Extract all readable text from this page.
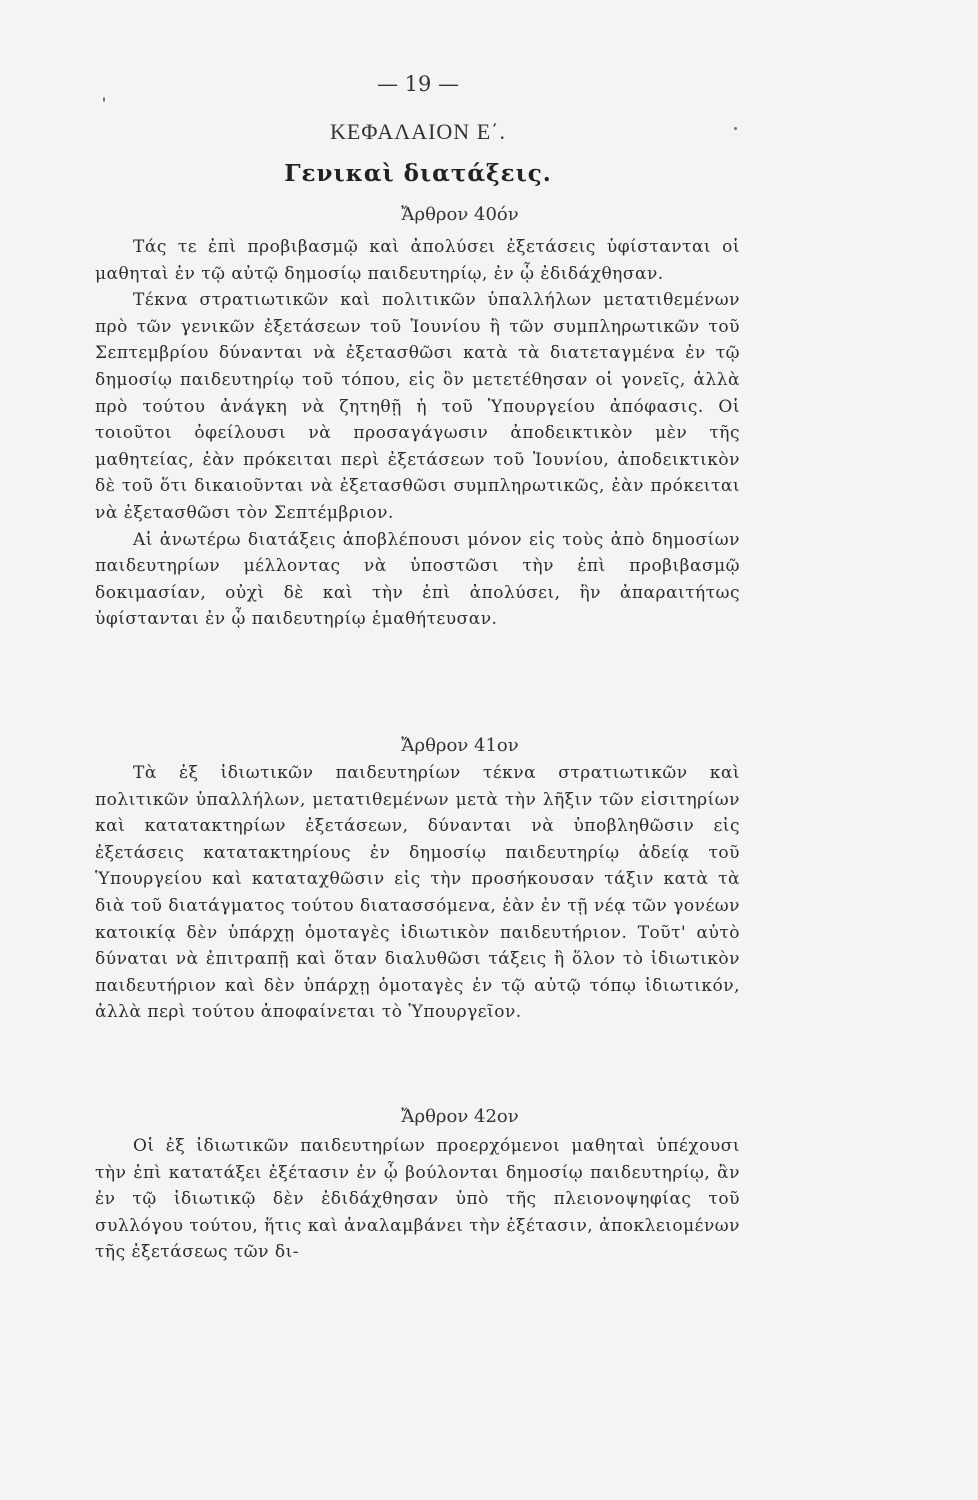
— 19 —
ΚΕΦΑΛΑΙΟΝ Ε΄.
Γενικαὶ διατάξεις.
Ἄρθρον 40όν

Τάς τε ἐπὶ προβιβασμῷ καὶ ἀπολύσει ἐξετάσεις ὑφίστανται οἱ μαθηταὶ ἐν τῷ αὐτῷ δημοσίῳ παιδευτηρίῳ, ἐν ᾧ ἐδιδάχθησαν.

Τέκνα στρατιωτικῶν καὶ πολιτικῶν ὑπαλλήλων μετατιθεμένων πρὸ τῶν γενικῶν ἐξετάσεων τοῦ Ἰουνίου ἢ τῶν συμπληρωτικῶν τοῦ Σεπτεμβρίου δύνανται νὰ ἐξετασθῶσι κατὰ τὰ διατεταγμένα ἐν τῷ δημοσίῳ παιδευτηρίῳ τοῦ τόπου, εἰς ὃν μετετέθησαν οἱ γονεῖς, ἀλλὰ πρὸ τούτου ἀνάγκη νὰ ζητηθῇ ἡ τοῦ Ὑπουργείου ἀπόφασις. Οἱ τοιοῦτοι ὀφείλουσι νὰ προσαγάγωσιν ἀποδεικτικὸν μὲν τῆς μαθητείας, ἐὰν πρόκειται περὶ ἐξετάσεων τοῦ Ἰουνίου, ἀποδεικτικὸν δὲ τοῦ ὅτι δικαιοῦνται νὰ ἐξετασθῶσι συμπληρωτικῶς, ἐὰν πρόκειται νὰ ἐξετασθῶσι τὸν Σεπτέμβριον.

Αἱ ἀνωτέρω διατάξεις ἀποβλέπουσι μόνον εἰς τοὺς ἀπὸ δημοσίων παιδευτηρίων μέλλοντας νὰ ὑποστῶσι τὴν ἐπὶ προβιβασμῷ δοκιμασίαν, οὐχὶ δὲ καὶ τὴν ἐπὶ ἀπολύσει, ἣν ἀπαραιτήτως ὑφίστανται ἐν ᾧ παιδευτηρίῳ ἐμαθήτευσαν.

Ἄρθρον 41ον

Τὰ ἐξ ἰδιωτικῶν παιδευτηρίων τέκνα στρατιωτικῶν καὶ πολιτικῶν ὑπαλλήλων, μετατιθεμένων μετὰ τὴν λῆξιν τῶν εἰσιτηρίων καὶ κατατακτηρίων ἐξετάσεων, δύνανται νὰ ὑποβληθῶσιν εἰς ἐξετάσεις κατατακτηρίους ἐν δημοσίῳ παιδευτηρίῳ ἀδείᾳ τοῦ Ὑπουργείου καὶ καταταχθῶσιν εἰς τὴν προσήκουσαν τάξιν κατὰ τὰ διὰ τοῦ διατάγματος τούτου διατασσόμενα, ἐὰν ἐν τῇ νέᾳ τῶν γονέων κατοικίᾳ δὲν ὑπάρχῃ ὁμοταγὲς ἰδιωτικὸν παιδευτήριον. Τοῦτ' αὐτὸ δύναται νὰ ἐπιτραπῇ καὶ ὅταν διαλυθῶσι τάξεις ἢ ὅλον τὸ ἰδιωτικὸν παιδευτήριον καὶ δὲν ὑπάρχῃ ὁμοταγὲς ἐν τῷ αὐτῷ τόπῳ ἰδιωτικόν, ἀλλὰ περὶ τούτου ἀποφαίνεται τὸ Ὑπουργεῖον.

Ἄρθρον 42ον

Οἱ ἐξ ἰδιωτικῶν παιδευτηρίων προερχόμενοι μαθηταὶ ὑπέχουσι τὴν ἐπὶ κατατάξει ἐξέτασιν ἐν ᾧ βούλονται δημοσίῳ παιδευτηρίῳ, ἂν ἐν τῷ ἰδιωτικῷ δὲν ἐδιδάχθησαν ὑπὸ τῆς πλειονοψηφίας τοῦ συλλόγου τούτου, ἥτις καὶ ἀναλαμβάνει τὴν ἐξέτασιν, ἀποκλειομένων τῆς ἐξετάσεως τῶν δι-
